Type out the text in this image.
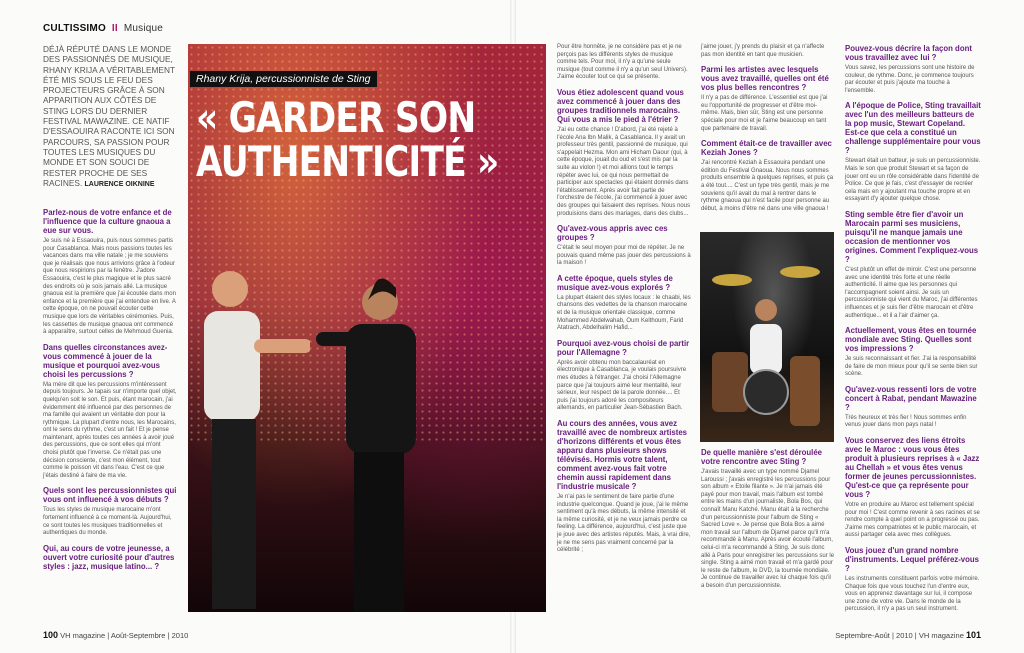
CULTISSIMO II Musique
DÉJÀ RÉPUTÉ DANS LE MONDE DES PASSIONNÉS DE MUSIQUE, RHANY KRIJA A VÉRITABLEMENT ÉTÉ MIS SOUS LE FEU DES PROJECTEURS GRÂCE À SON APPARITION AUX CÔTÉS DE STING LORS DU DERNIER FESTIVAL MAWAZINE. CE NATIF D'ESSAOUIRA RACONTE ICI SON PARCOURS, SA PASSION POUR TOUTES LES MUSIQUES DU MONDE ET SON SOUCI DE RESTER PROCHE DE SES RACINES. LAURENCE OIKNINE
Rhany Krija, percussionniste de Sting
« GARDER SON
AUTHENTICITÉ »
Parlez-nous de votre enfance et de l'influence que la culture gnaoua a eue sur vous.

Je suis né à Essaouira, puis nous sommes partis pour Casablanca. Mais nous passions toutes les vacances dans ma ville natale ; je me souviens que je réalisais que nous arrivions grâce à l'odeur que nous respirions par la fenêtre. J'adore Essaouira, c'est le plus magique et le plus sacré des endroits où je sois jamais allé. La musique gnaoua est la première que j'ai écoutée dans mon enfance et la première que j'ai entendue en live. A cette époque, on ne pouvait écouter cette musique que lors de véritables cérémonies. Puis, les cassettes de musique gnaoua ont commencé à apparaître, surtout celles de Mehmoud Guenia.

Dans quelles circonstances avez-vous commencé à jouer de la musique et pourquoi avez-vous choisi les percussions ?

Ma mère dit que les percussions m'intéressent depuis toujours. Je tapais sur n'importe quel objet, quelqu'en soit le son. Et puis, étant marocain, j'ai évidemment été influencé par des personnes de ma famille qui avaient un véritable don pour la rythmique. La plupart d'entre nous, les Marocains, ont le sens du rythme, c'est un fait ! Et je pense maintenant, après toutes ces années à avoir joué des percussions, que ce sont elles qui m'ont choisi plutôt que l'inverse. Ce n'était pas une décision consciente, c'est mon élément, tout comme le poisson vit dans l'eau. C'est ce que j'étais destiné à faire de ma vie.

Quels sont les percussionnistes qui vous ont influencé à vos débuts ?

Tous les styles de musique marocaine m'ont fortement influencé à ce moment-là. Aujourd'hui, ce sont toutes les musiques traditionnelles et authentiques du monde.

Qui, au cours de votre jeunesse, a ouvert votre curiosité pour d'autres styles : jazz, musique latino... ?

Pour être honnête, je ne considère pas et je ne perçois pas les différents styles de musique comme tels. Pour moi, il n'y a qu'une seule musique (tout comme il n'y a qu'un seul Univers). J'aime écouter tout ce qui se présente.

Vous étiez adolescent quand vous avez commencé à jouer dans des groupes traditionnels marocains. Qui vous a mis le pied à l'étrier ?

J'ai eu cette chance ! D'abord, j'ai été rejeté à l'école Ana Ibn Malik, à Casablanca. Il y avait un professeur très gentil, passionné de musique, qui s'appelait Hezma. Mon ami Hicham Daour (qui, à cette époque, jouait du oud et s'est mis par la suite au violon !) et moi allions tout le temps répéter avec lui, ce qui nous permettait de participer aux spectacles qui étaient donnés dans l'établissement. Après avoir fait partie de l'orchestre de l'école, j'ai commencé à jouer avec des groupes qui faisaient des reprises. Nous nous produisions dans des mariages, dans des clubs...

Qu'avez-vous appris avec ces groupes ?

C'était le seul moyen pour moi de répéter. Je ne pouvais quand même pas jouer des percussions à la maison !

A cette époque, quels styles de musique avez-vous explorés ?

La plupart étaient des styles locaux : le chaabi, les chansons des vedettes de la chanson marocaine et de la musique orientale classique, comme Mohammed Abdelwahab, Oum Kelthoum, Farid Atatrach, Abdelhalim Hafid...

Pourquoi avez-vous choisi de partir pour l'Allemagne ?

Après avoir obtenu mon baccalauréat en électronique à Casablanca, je voulais poursuivre mes études à l'étranger. J'ai choisi l'Allemagne parce que j'ai toujours aimé leur mentalité, leur sérieux, leur respect de la parole donnée.... Et puis j'ai toujours adoré les compositeurs allemands, en particulier Jean-Sébastien Bach.

Au cours des années, vous avez travaillé avec de nombreux artistes d'horizons différents et vous êtes apparu dans plusieurs shows télévisés. Hormis votre talent, comment avez-vous fait votre chemin aussi rapidement dans l'industrie musicale ?

Je n'ai pas le sentiment de faire partie d'une industrie quelconque. Quand je joue, j'ai le même sentiment qu'à mes débuts, la même intensité et la même curiosité, et je ne veux jamais perdre ce feeling. La différence, aujourd'hui, c'est juste que je joue avec des artistes réputés. Mais, à vrai dire, je ne me sens pas vraiment concerné par la célébrité ;

j'aime jouer, j'y prends du plaisir et ça n'affecte pas mon identité en tant que musicien.

Parmi les artistes avec lesquels vous avez travaillé, quelles ont été vos plus belles rencontres ?

Il n'y a pas de différence. L'essentiel est que j'ai eu l'opportunité de progresser et d'être moi-même. Mais, bien sûr, Sting est une personne spéciale pour moi et je l'aime beaucoup en tant que partenaire de travail.

Comment était-ce de travailler avec Keziah Jones ?

J'ai rencontré Keziah à Essaouira pendant une édition du Festival Gnaoua. Nous nous sommes produits ensemble à quelques reprises, et puis ça a été tout.... C'est un type très gentil, mais je me souviens qu'il avait du mal à rentrer dans le rythme gnaoua qui n'est facile pour personne au début, à moins d'être né dans une ville gnaoua !

De quelle manière s'est déroulée votre rencontre avec Sting ?

J'avais travaillé avec un type nommé Djamel Laroussi ; j'avais enregistré les percussions pour son album « Etoile filante ». Je n'ai jamais été payé pour mon travail, mais l'album est tombé entre les mains d'un journaliste, Bola Bos, qui connaît Manu Katché. Manu était à la recherche d'un percussionniste pour l'album de Sting « Sacred Love ». Je pense que Bola Bos a aimé mon travail sur l'album de Djamel parce qu'il m'a recommandé à Manu. Après avoir écouté l'album, celui-ci m'a recommandé à Sting. Je suis donc allé à Paris pour enregistrer les percussions sur le single. Sting a aimé mon travail et m'a gardé pour le reste de l'album, le DVD, la tournée mondiale. Je continue de travailler avec lui chaque fois qu'il a besoin d'un percussionniste.

Pouvez-vous décrire la façon dont vous travaillez avec lui ?

Vous savez, les percussions sont une histoire de couleur, de rythme. Donc, je commence toujours par écouter et puis j'ajoute ma touche à l'ensemble.

A l'époque de Police, Sting travaillait avec l'un des meilleurs batteurs de la pop music, Stewart Copeland. Est-ce que cela a constitué un challenge supplémentaire pour vous ?

Stewart était un batteur, je suis un percussionniste. Mais le son que produit Stewart et sa façon de jouer ont eu un rôle considérable dans l'identité de Police. Ce que je fais, c'est d'essayer de recréer cela mais en y ajoutant ma touche propre et en essayant d'y ajouter quelque chose.

Sting semble être fier d'avoir un Marocain parmi ses musiciens, puisqu'il ne manque jamais une occasion de mentionner vos origines. Comment l'expliquez-vous ?

C'est plutôt un effet de miroir. C'est une personne avec une identité très forte et une réelle authenticité. Il aime que les personnes qui l'accompagnent soient ainsi. Je suis un percussionniste qui vient du Maroc, j'ai différentes influences et je suis fier d'être marocain et d'être authentique... et il a l'air d'aimer ça.

Actuellement, vous êtes en tournée mondiale avec Sting. Quelles sont vos impressions ?

Je suis reconnaissant et fier. J'ai la responsabilité de faire de mon mieux pour qu'il se sente bien sur scène.

Qu'avez-vous ressenti lors de votre concert à Rabat, pendant Mawazine ?

Très heureux et très fier ! Nous sommes enfin venus jouer dans mon pays natal !

Vous conservez des liens étroits avec le Maroc : vous vous êtes produit à plusieurs reprises à « Jazz au Chellah » et vous êtes venus former de jeunes percussionnistes. Qu'est-ce que ça représente pour vous ?

Votre en produire au Maroc est tellement spécial pour moi ! C'est comme revenir à ses racines et se rendre compte à quel point on a progressé ou pas. J'aime mes compatriotes et le public marocain, et aussi partager cela avec mes collègues.

Vous jouez d'un grand nombre d'instruments. Lequel préférez-vous ?

Les instruments constituent parfois votre mémoire. Chaque fois que vous touchez l'un d'entre eux, vous en apprenez davantage sur lui, il compose une zone de votre vie. Dans le monde de la percussion, il n'y a pas un seul instrument.

100 VH magazine | Août-Septembre | 2010	Septembre-Août | 2010 | VH magazine 101
